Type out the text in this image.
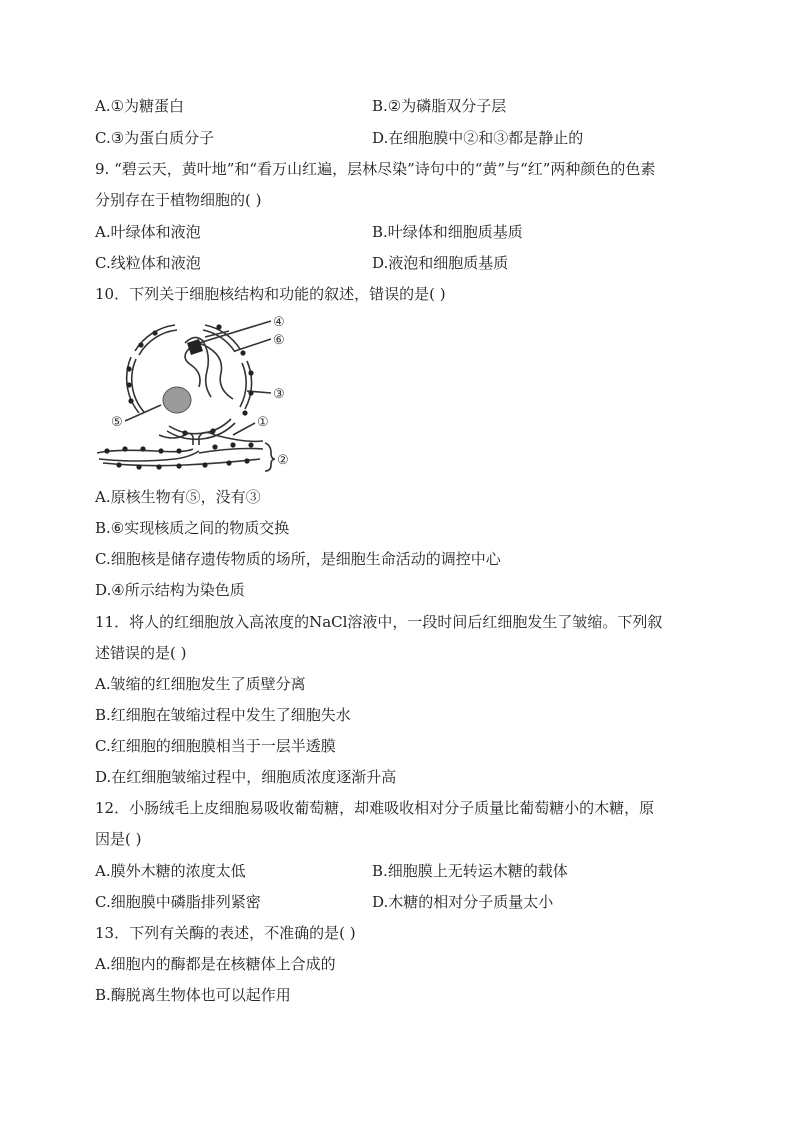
A.①为糖蛋白	B.②为磷脂双分子层
C.③为蛋白质分子	D.在细胞膜中②和③都是静止的
9. “碧云天，黄叶地”和“看万山红遍，层林尽染”诗句中的“黄”与“红”两种颜色的色素
分别存在于植物细胞的( )
A.叶绿体和液泡	B.叶绿体和细胞质基质
C.线粒体和液泡	D.液泡和细胞质基质
10．下列关于细胞核结构和功能的叙述，错误的是( )
④
⑥
③
⑤	①
②
A.原核生物有⑤，没有③
B.⑥实现核质之间的物质交换
C.细胞核是储存遗传物质的场所，是细胞生命活动的调控中心
D.④所示结构为染色质
11．将人的红细胞放入高浓度的NaCl溶液中，一段时间后红细胞发生了皱缩。下列叙
述错误的是( )
A.皱缩的红细胞发生了质壁分离
B.红细胞在皱缩过程中发生了细胞失水
C.红细胞的细胞膜相当于一层半透膜
D.在红细胞皱缩过程中，细胞质浓度逐渐升高
12．小肠绒毛上皮细胞易吸收葡萄糖，却难吸收相对分子质量比葡萄糖小的木糖，原
因是( )
A.膜外木糖的浓度太低	B.细胞膜上无转运木糖的载体
C.细胞膜中磷脂排列紧密	D.木糖的相对分子质量太小
13．下列有关酶的表述，不准确的是( )
A.细胞内的酶都是在核糖体上合成的
B.酶脱离生物体也可以起作用
